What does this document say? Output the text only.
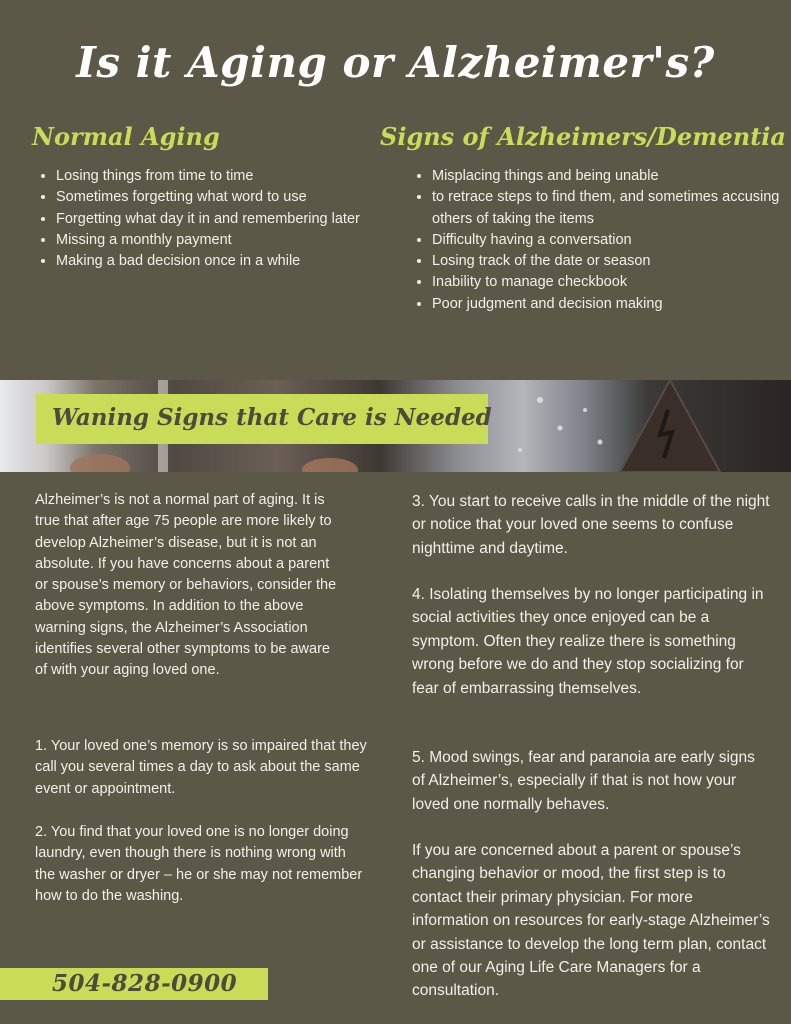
Is it Aging or Alzheimer's?
Normal Aging	Signs of Alzheimers/Dementia
• Losing things from time to time
• Sometimes forgetting what word to use
• Forgetting what day it in and remembering later
• Missing a monthly payment
• Making a bad decision once in a while
• Misplacing things and being unable
• to retrace steps to find them, and sometimes accusing others of taking the items
• Difficulty having a conversation
• Losing track of the date or season
• Inability to manage checkbook
• Poor judgment and decision making
Waning Signs that Care is Needed
Alzheimer’s is not a normal part of aging. It is true that after age 75 people are more likely to develop Alzheimer’s disease, but it is not an absolute. If you have concerns about a parent or spouse’s memory or behaviors, consider the above symptoms. In addition to the above warning signs, the Alzheimer’s Association identifies several other symptoms to be aware of with your aging loved one.
1. Your loved one’s memory is so impaired that they call you several times a day to ask about the same event or appointment.
2. You find that your loved one is no longer doing laundry, even though there is nothing wrong with the washer or dryer – he or she may not remember how to do the washing.
3. You start to receive calls in the middle of the night or notice that your loved one seems to confuse nighttime and daytime.
4. Isolating themselves by no longer participating in social activities they once enjoyed can be a symptom. Often they realize there is something wrong before we do and they stop socializing for fear of embarrassing themselves.
5. Mood swings, fear and paranoia are early signs of Alzheimer’s, especially if that is not how your loved one normally behaves.
If you are concerned about a parent or spouse’s changing behavior or mood, the first step is to contact their primary physician. For more information on resources for early-stage Alzheimer’s or assistance to develop the long term plan, contact one of our Aging Life Care Managers for a consultation.
504-828-0900
